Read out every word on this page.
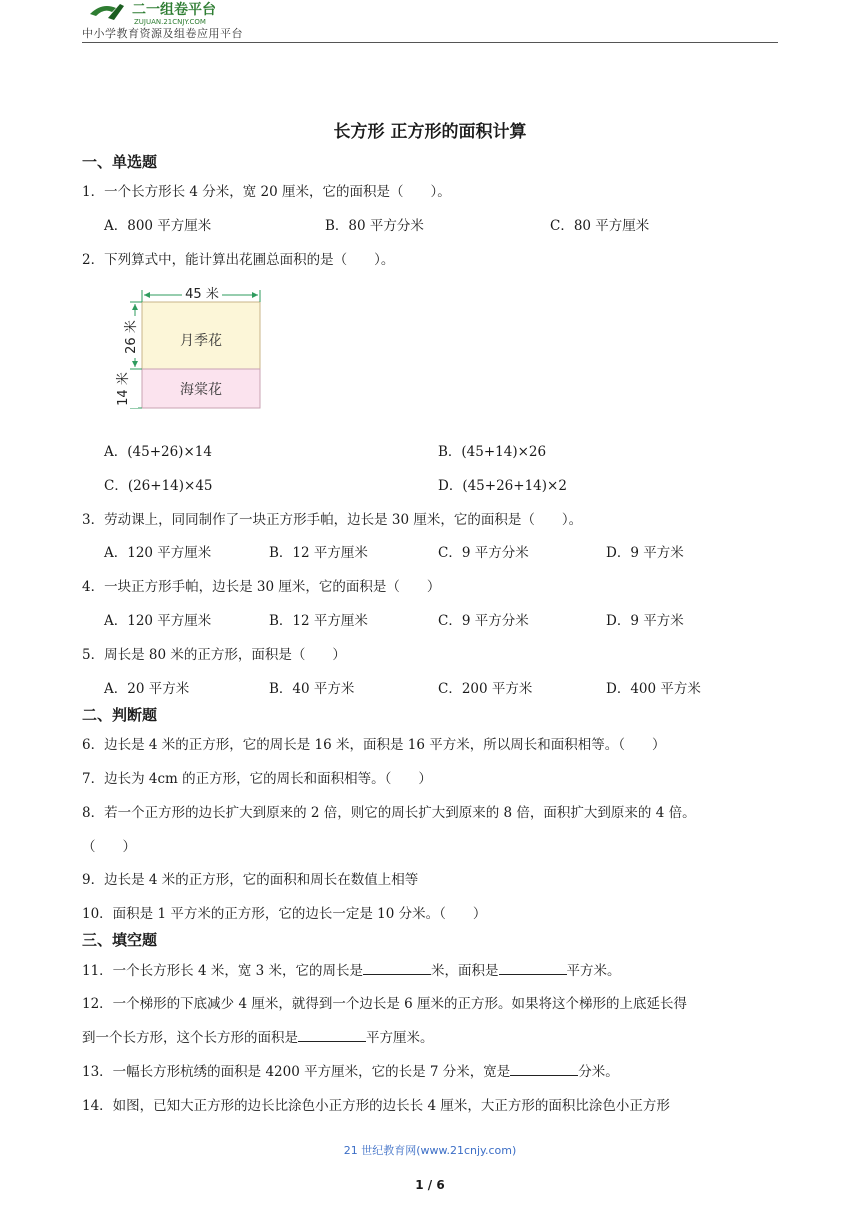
二一组卷平台
ZUJUAN.21CNJY.COM
中小学教育资源及组卷应用平台
长方形 正方形的面积计算
一、单选题
1．一个长方形长 4 分米，宽 20 厘米，它的面积是（　　）。
A．800 平方厘米	B．80 平方分米	C．80 平方厘米
2．下列算式中，能计算出花圃总面积的是（　　）。
45 米
26 米
14 米
月季花
海棠花
A．(45+26)×14	B．(45+14)×26
C．(26+14)×45	D．(45+26+14)×2
3．劳动课上，同同制作了一块正方形手帕，边长是 30 厘米，它的面积是（　　）。
A．120 平方厘米	B．12 平方厘米	C．9 平方分米	D．9 平方米
4．一块正方形手帕，边长是 30 厘米，它的面积是（　　）
A．120 平方厘米	B．12 平方厘米	C．9 平方分米	D．9 平方米
5．周长是 80 米的正方形，面积是（　　）
A．20 平方米	B．40 平方米	C．200 平方米	D．400 平方米
二、判断题
6．边长是 4 米的正方形，它的周长是 16 米，面积是 16 平方米，所以周长和面积相等。（　　）
7．边长为 4cm 的正方形，它的周长和面积相等。（　　）
8．若一个正方形的边长扩大到原来的 2 倍，则它的周长扩大到原来的 8 倍，面积扩大到原来的 4 倍。
（　　）
9．边长是 4 米的正方形，它的面积和周长在数值上相等
10．面积是 1 平方米的正方形，它的边长一定是 10 分米。（　　）
三、填空题
11．一个长方形长 4 米，宽 3 米，它的周长是	米，面积是	平方米。
12．一个梯形的下底减少 4 厘米，就得到一个边长是 6 厘米的正方形。如果将这个梯形的上底延长得
到一个长方形，这个长方形的面积是	平方厘米。
13．一幅长方形杭绣的面积是 4200 平方厘米，它的长是 7 分米，宽是	分米。
14．如图，已知大正方形的边长比涂色小正方形的边长长 4 厘米，大正方形的面积比涂色小正方形
21 世纪教育网(www.21cnjy.com)
1 / 6
